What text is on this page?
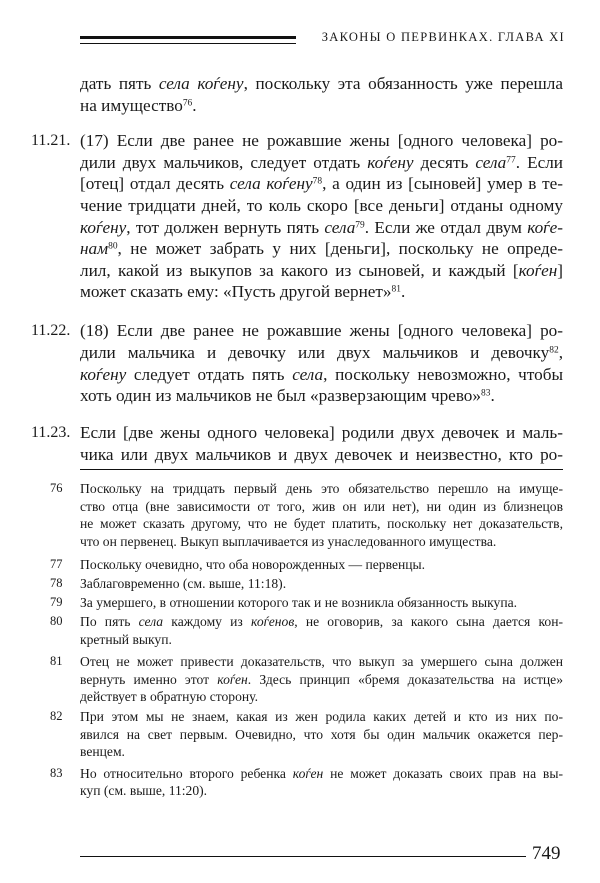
ЗАКОНЫ О ПЕРВИНКАХ. ГЛАВА XI
дать пять села коѓену, поскольку эта обязанность уже перешла
на имущество$^{76}$.
11.21. (17) Если две ранее не рожавшие жены [одного человека] ро-
дили двух мальчиков, следует отдать коѓену десять села$^{77}$. Если
[отец] отдал десять села коѓену$^{78}$, а один из [сыновей] умер в те-
чение тридцати дней, то коль скоро [все деньги] отданы одному
коѓену, тот должен вернуть пять села$^{79}$. Если же отдал двум коѓе-
нам$^{80}$, не может забрать у них [деньги], поскольку не опреде-
лил, какой из выкупов за какого из сыновей, и каждый [коѓен]
может сказать ему: «Пусть другой вернет»$^{81}$.
11.22. (18) Если две ранее не рожавшие жены [одного человека] ро-
дили мальчика и девочку или двух мальчиков и девочку$^{82}$,
коѓену следует отдать пять села, поскольку невозможно, чтобы
хоть один из мальчиков не был «разверзающим чрево»$^{83}$.
11.23. Если [две жены одного человека] родили двух девочек и маль-
чика или двух мальчиков и двух девочек и неизвестно, кто ро-
76 Поскольку на тридцать первый день это обязательство перешло на имуще-
ство отца (вне зависимости от того, жив он или нет), ни один из близнецов
не может сказать другому, что не будет платить, поскольку нет доказательств,
что он первенец. Выкуп выплачивается из унаследованного имущества.
77 Поскольку очевидно, что оба новорожденных — первенцы.
78 Заблаговременно (см. выше, 11:18).
79 За умершего, в отношении которого так и не возникла обязанность выкупа.
80 По пять села каждому из коѓенов, не оговорив, за какого сына дается кон-
кретный выкуп.
81 Отец не может привести доказательств, что выкуп за умершего сына должен
вернуть именно этот коѓен. Здесь принцип «бремя доказательства на истце»
действует в обратную сторону.
82 При этом мы не знаем, какая из жен родила каких детей и кто из них по-
явился на свет первым. Очевидно, что хотя бы один мальчик окажется пер-
венцем.
83 Но относительно второго ребенка коѓен не может доказать своих прав на вы-
куп (см. выше, 11:20).
749
